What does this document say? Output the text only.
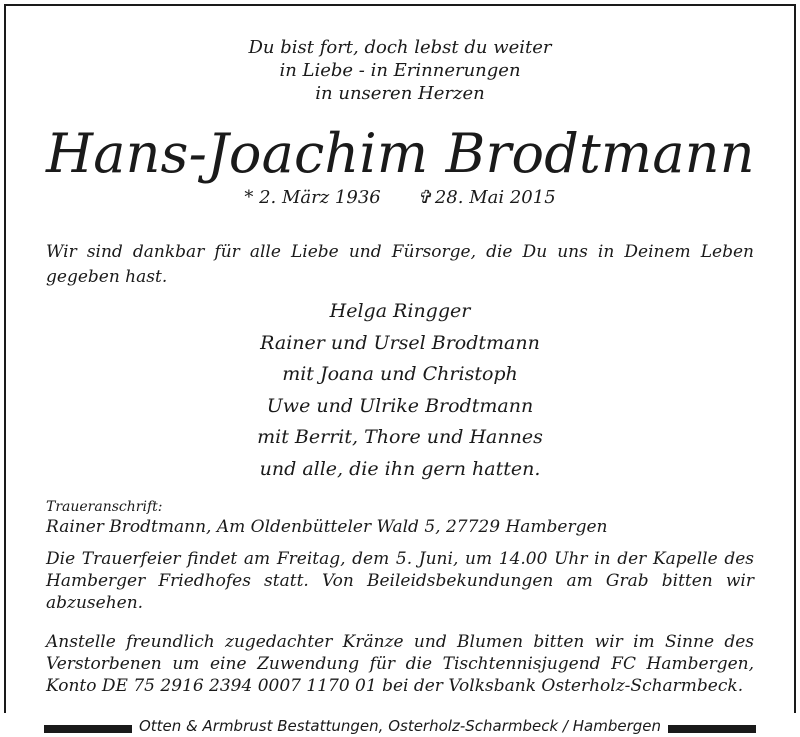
Du bist fort, doch lebst du weiter
in Liebe - in Erinnerungen
in unseren Herzen
Hans-Joachim Brodtmann
* 2. März 1936 ✞ 28. Mai 2015
Wir sind dankbar für alle Liebe und Fürsorge, die Du uns in Deinem Leben gegeben hast.
Helga Ringger
Rainer und Ursel Brodtmann
mit Joana und Christoph
Uwe und Ulrike Brodtmann
mit Berrit, Thore und Hannes
und alle, die ihn gern hatten.
Traueranschrift:
Rainer Brodtmann, Am Oldenbütteler Wald 5, 27729 Hambergen
Die Trauerfeier findet am Freitag, dem 5. Juni, um 14.00 Uhr in der Kapelle des Hamberger Friedhofes statt. Von Beileidsbekundungen am Grab bitten wir abzusehen.
Anstelle freundlich zugedachter Kränze und Blumen bitten wir im Sinne des Verstorbenen um eine Zuwendung für die Tischtennisjugend FC Hambergen, Konto DE 75 2916 2394 0007 1170 01 bei der Volksbank Osterholz-Scharmbeck.
Otten & Armbrust Bestattungen, Osterholz-Scharmbeck / Hambergen
